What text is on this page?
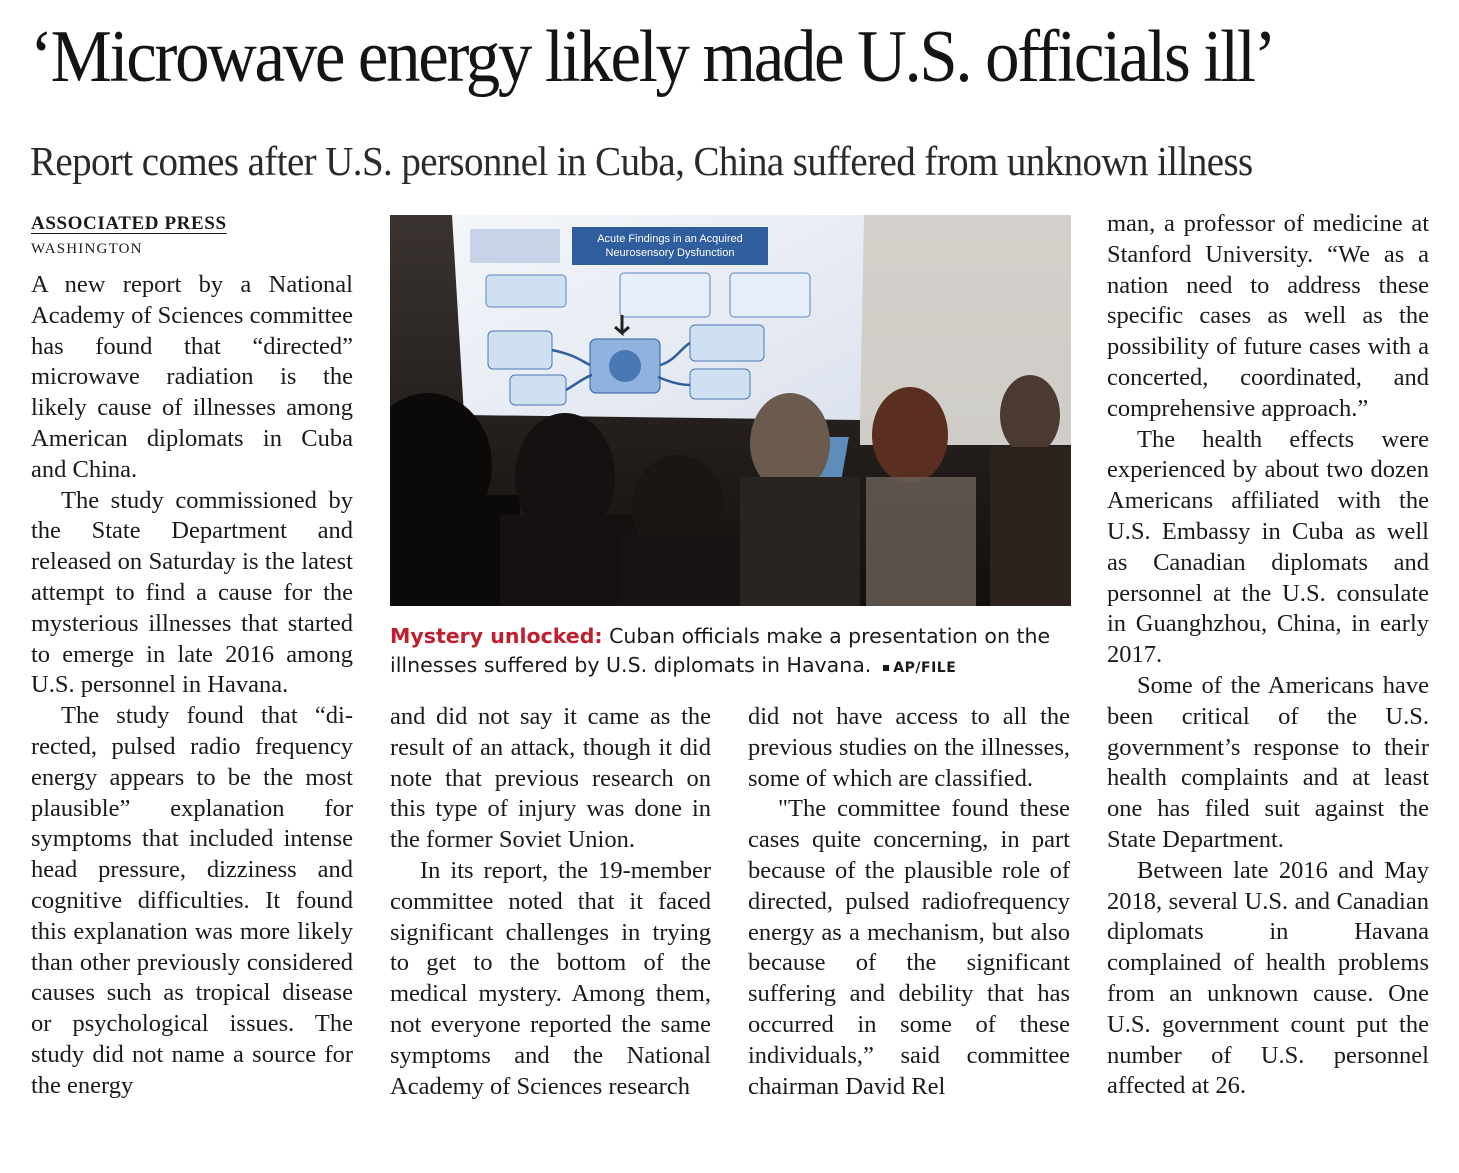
‘Microwave energy likely made U.S. officials ill’
Report comes after U.S. personnel in Cuba, China suffered from unknown illness
ASSOCIATED PRESS
WASHINGTON

A new report by a National Academy of Sciences committee has found that “directed” microwave radiation is the likely cause of illnesses among American diplomats in Cuba and China.

The study commissioned by the State Department and released on Saturday is the latest attempt to find a cause for the mysterious illnesses that started to emerge in late 2016 among U.S. personnel in Havana.

The study found that “directed, pulsed radio frequency energy appears to be the most plausible” explanation for symptoms that included intense head pressure, dizziness and cognitive difficulties. It found this explanation was more likely than other previously considered causes such as tropical disease or psychological issues. The study did not name a source for the energy

Acute Findings in an Acquired
Neurosensory Dysfunction
Mystery unlocked: Cuban officials make a presentation on the illnesses suffered by U.S. diplomats in Havana. AP/FILE

and did not say it came as the result of an attack, though it did note that previous research on this type of injury was done in the former Soviet Union.

In its report, the 19-member committee noted that it faced significant challenges in trying to get to the bottom of the medical mystery. Among them, not everyone reported the same symptoms and the National Academy of Sciences research

did not have access to all the previous studies on the illnesses, some of which are classified.

"The committee found these cases quite concerning, in part because of the plausible role of directed, pulsed radiofrequency energy as a mechanism, but also because of the significant suffering and debility that has occurred in some of these individuals,” said committee chairman David Rel

man, a professor of medicine at Stanford University. “We as a nation need to address these specific cases as well as the possibility of future cases with a concerted, coordinated, and comprehensive approach.”

The health effects were experienced by about two dozen Americans affiliated with the U.S. Embassy in Cuba as well as Canadian diplomats and personnel at the U.S. consulate in Guanghzhou, China, in early 2017.

Some of the Americans have been critical of the U.S. government’s response to their health complaints and at least one has filed suit against the State Department.

Between late 2016 and May 2018, several U.S. and Canadian diplomats in Havana complained of health problems from an unknown cause. One U.S. government count put the number of U.S. personnel affected at 26.
